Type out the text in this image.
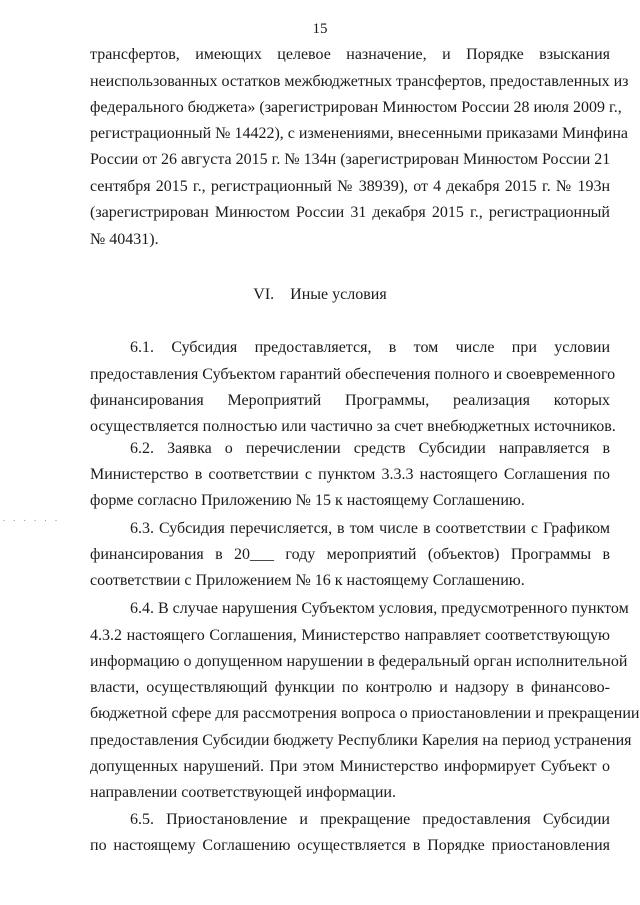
15
· · · · · ·
трансфертов, имеющих целевое назначение, и Порядке взыскания
неиспользованных остатков межбюджетных трансфертов, предоставленных из
федерального бюджета» (зарегистрирован Минюстом России 28 июля 2009 г.,
регистрационный № 14422), с изменениями, внесенными приказами Минфина
России от 26 августа 2015 г. № 134н (зарегистрирован Минюстом России 21
сентября 2015 г., регистрационный № 38939), от 4 декабря 2015 г. № 193н
(зарегистрирован Минюстом России 31 декабря 2015 г., регистрационный
№ 40431).
VI.    Иные условия
6.1. Субсидия предоставляется, в том числе при условии
предоставления Субъектом гарантий обеспечения полного и своевременного
финансирования Мероприятий Программы, реализация которых
осуществляется полностью или частично за счет внебюджетных источников.
6.2. Заявка о перечислении средств Субсидии направляется в
Министерство в соответствии с пунктом 3.3.3 настоящего Соглашения по
форме согласно Приложению № 15 к настоящему Соглашению.
6.3. Субсидия перечисляется, в том числе в соответствии с Графиком
финансирования в 20___ году мероприятий (объектов) Программы в
соответствии с Приложением № 16 к настоящему Соглашению.
6.4. В случае нарушения Субъектом условия, предусмотренного пунктом
4.3.2 настоящего Соглашения, Министерство направляет соответствующую
информацию о допущенном нарушении в федеральный орган исполнительной
власти, осуществляющий функции по контролю и надзору в финансово-
бюджетной сфере для рассмотрения вопроса о приостановлении и прекращении
предоставления Субсидии бюджету Республики Карелия на период устранения
допущенных нарушений. При этом Министерство информирует Субъект о
направлении соответствующей информации.
6.5. Приостановление и прекращение предоставления Субсидии
по настоящему Соглашению осуществляется в Порядке приостановления
